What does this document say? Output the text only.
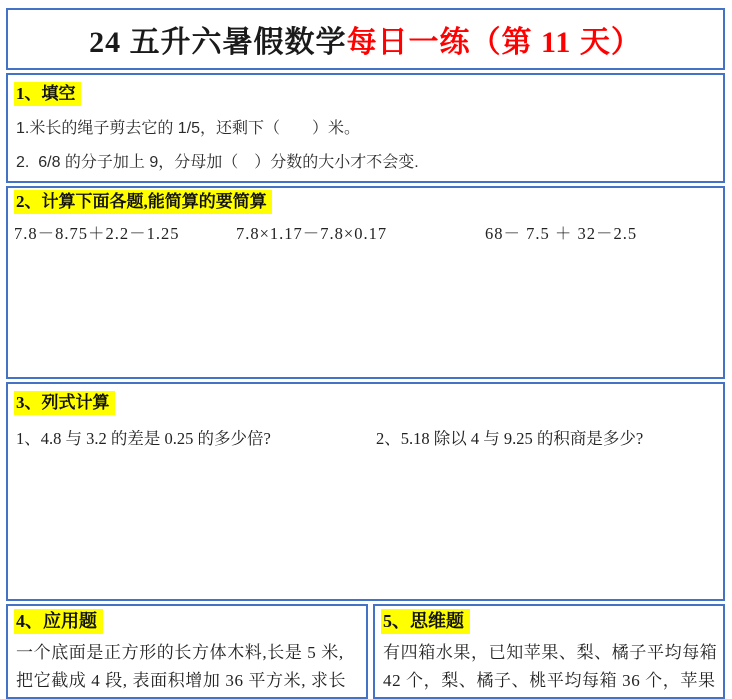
24 五升六暑假数学每日一练（第 11 天）
1、填空
1.米长的绳子剪去它的 1/5，还剩下（　　）米。
2.  6/8 的分子加上 9，分母加（　）分数的大小才不会变.
2、计算下面各题,能简算的要简算
7.8－8.75＋2.2－1.25	7.8×1.17－7.8×0.17	68－ 7.5 ＋ 32－2.5
3、列式计算
1、4.8 与 3.2 的差是 0.25 的多少倍?	2、5.18 除以 4 与 9.25 的积商是多少?
4、应用题
一个底面是正方形的长方体木料,长是 5 米,
把它截成 4 段, 表面积增加 36 平方米, 求长
5、思维题
有四箱水果，已知苹果、梨、橘子平均每箱
42 个，梨、橘子、桃平均每箱 36 个，苹果
